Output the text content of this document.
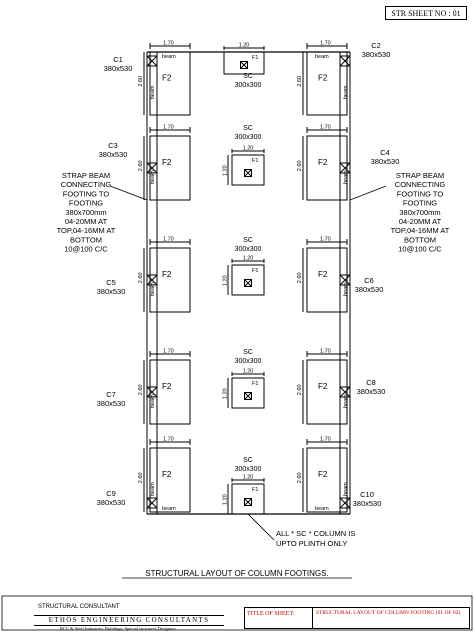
F2	F2
beam	beam
1.70	1.70
2.60	2.60
F2	F2
beam	beam
1.70	1.70
2.60	2.60
F2	F2
beam	beam
1.70	1.70
2.60	2.60
F2	F2
beam	beam
1.70	1.70
2.60	2.60
F2	F2
beam	beam
1.70	1.70
2.60	2.60
beam	beam
beam	beam
F1
1.20
SC
300x300
F1
1.20
1.20
SC
300x300
F1
1.20
1.20
SC
300x300
F1
1.20
1.20
SC
300x300
F1
1.20
1.20
SC
300x300
C1
380x530
C2
380x530
C3
380x530	C4
380x530
C5
380x530
C6
380x530
C7
380x530
C8
380x530
C9
380x530
C10
380x530
STRAP BEAM	STRAP BEAM
CONNECTING	CONNECTING
FOOTING TO	FOOTING TO
FOOTING	FOOTING
380x700mm	380x700mm
04-20MM AT	04-20MM AT
TOP,04-16MM AT	TOP,04-16MM AT
BOTTOM	BOTTOM
10@100 C/C	10@100 C/C
ALL * SC * COLUMN IS
UPTO PLINTH ONLY
STRUCTURAL LAYOUT OF COLUMN FOOTINGS.
STR SHEET NO : 01
STRUCTURAL CONSULTANT
ETHOS ENGINEERING CONSULTANTS
RCC & Steel Industries, Buildings, Special structures Designers
TITLE OF SHEET:	STRUCTURAL LAYOUT OF COLUMN FOOTING (01 OF 02)
